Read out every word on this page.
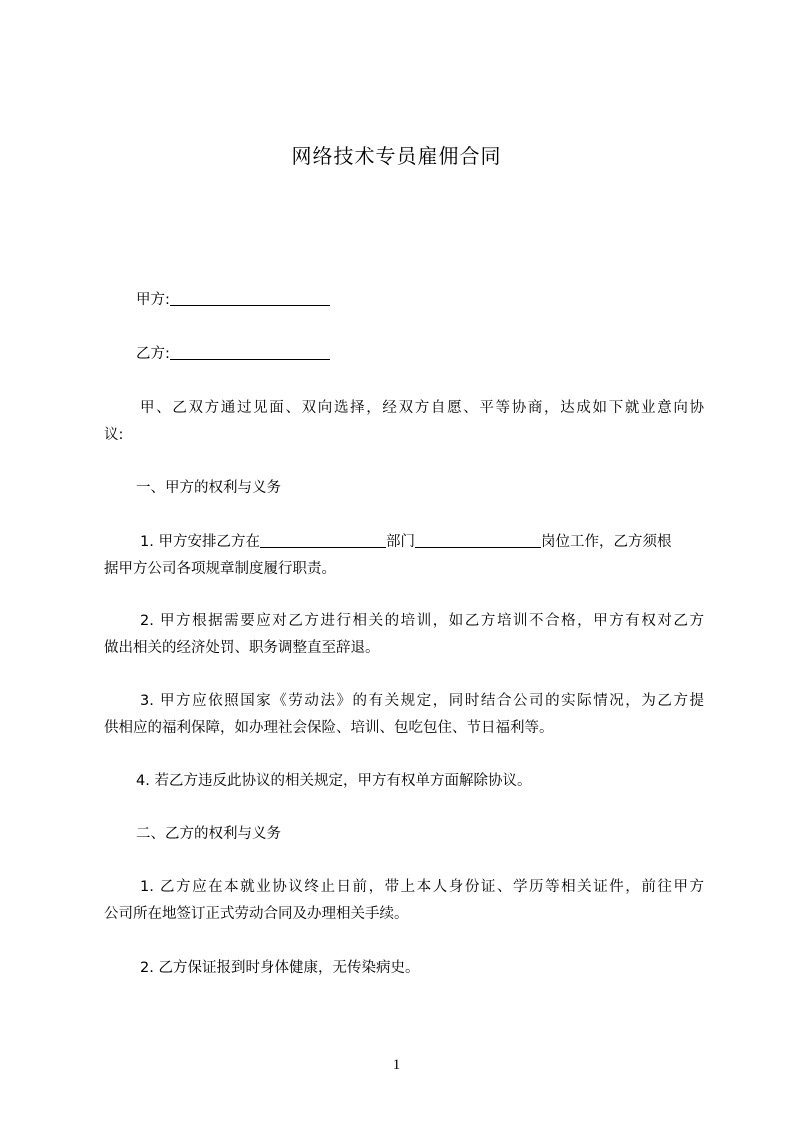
网络技术专员雇佣合同
甲方:
乙方:
甲、乙双方通过见面、双向选择，经双方自愿、平等协商，达成如下就业意向协
议:
一、甲方的权利与义务
1. 甲方安排乙方在	部门	岗位工作，乙方须根
据甲方公司各项规章制度履行职责。
2. 甲方根据需要应对乙方进行相关的培训，如乙方培训不合格，甲方有权对乙方
做出相关的经济处罚、职务调整直至辞退。
3. 甲方应依照国家《劳动法》的有关规定，同时结合公司的实际情况，为乙方提
供相应的福利保障，如办理社会保险、培训、包吃包住、节日福利等。
4. 若乙方违反此协议的相关规定，甲方有权单方面解除协议。
二、乙方的权利与义务
1. 乙方应在本就业协议终止日前，带上本人身份证、学历等相关证件，前往甲方
公司所在地签订正式劳动合同及办理相关手续。
2. 乙方保证报到时身体健康，无传染病史。
1
